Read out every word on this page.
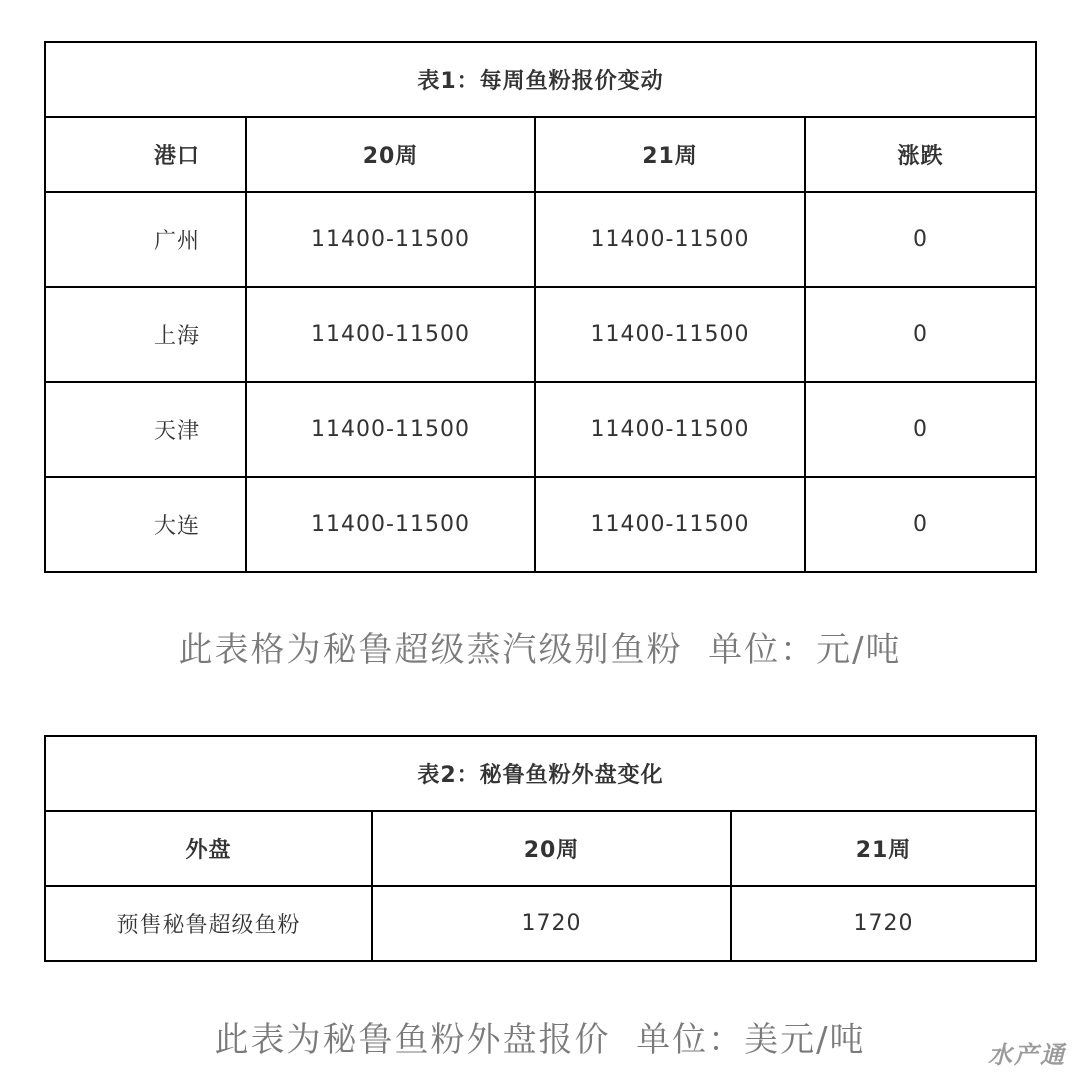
表1：每周鱼粉报价变动			
港口	20周	21周	涨跌
广州	11400-11500	11400-11500	0
上海	11400-11500	11400-11500	0
天津	11400-11500	11400-11500	0
大连	11400-11500	11400-11500	0
此表格为秘鲁超级蒸汽级别鱼粉  单位：元/吨
表2：秘鲁鱼粉外盘变化		
外盘	20周	21周
预售秘鲁超级鱼粉	1720	1720
此表为秘鲁鱼粉外盘报价  单位：美元/吨	水产通
